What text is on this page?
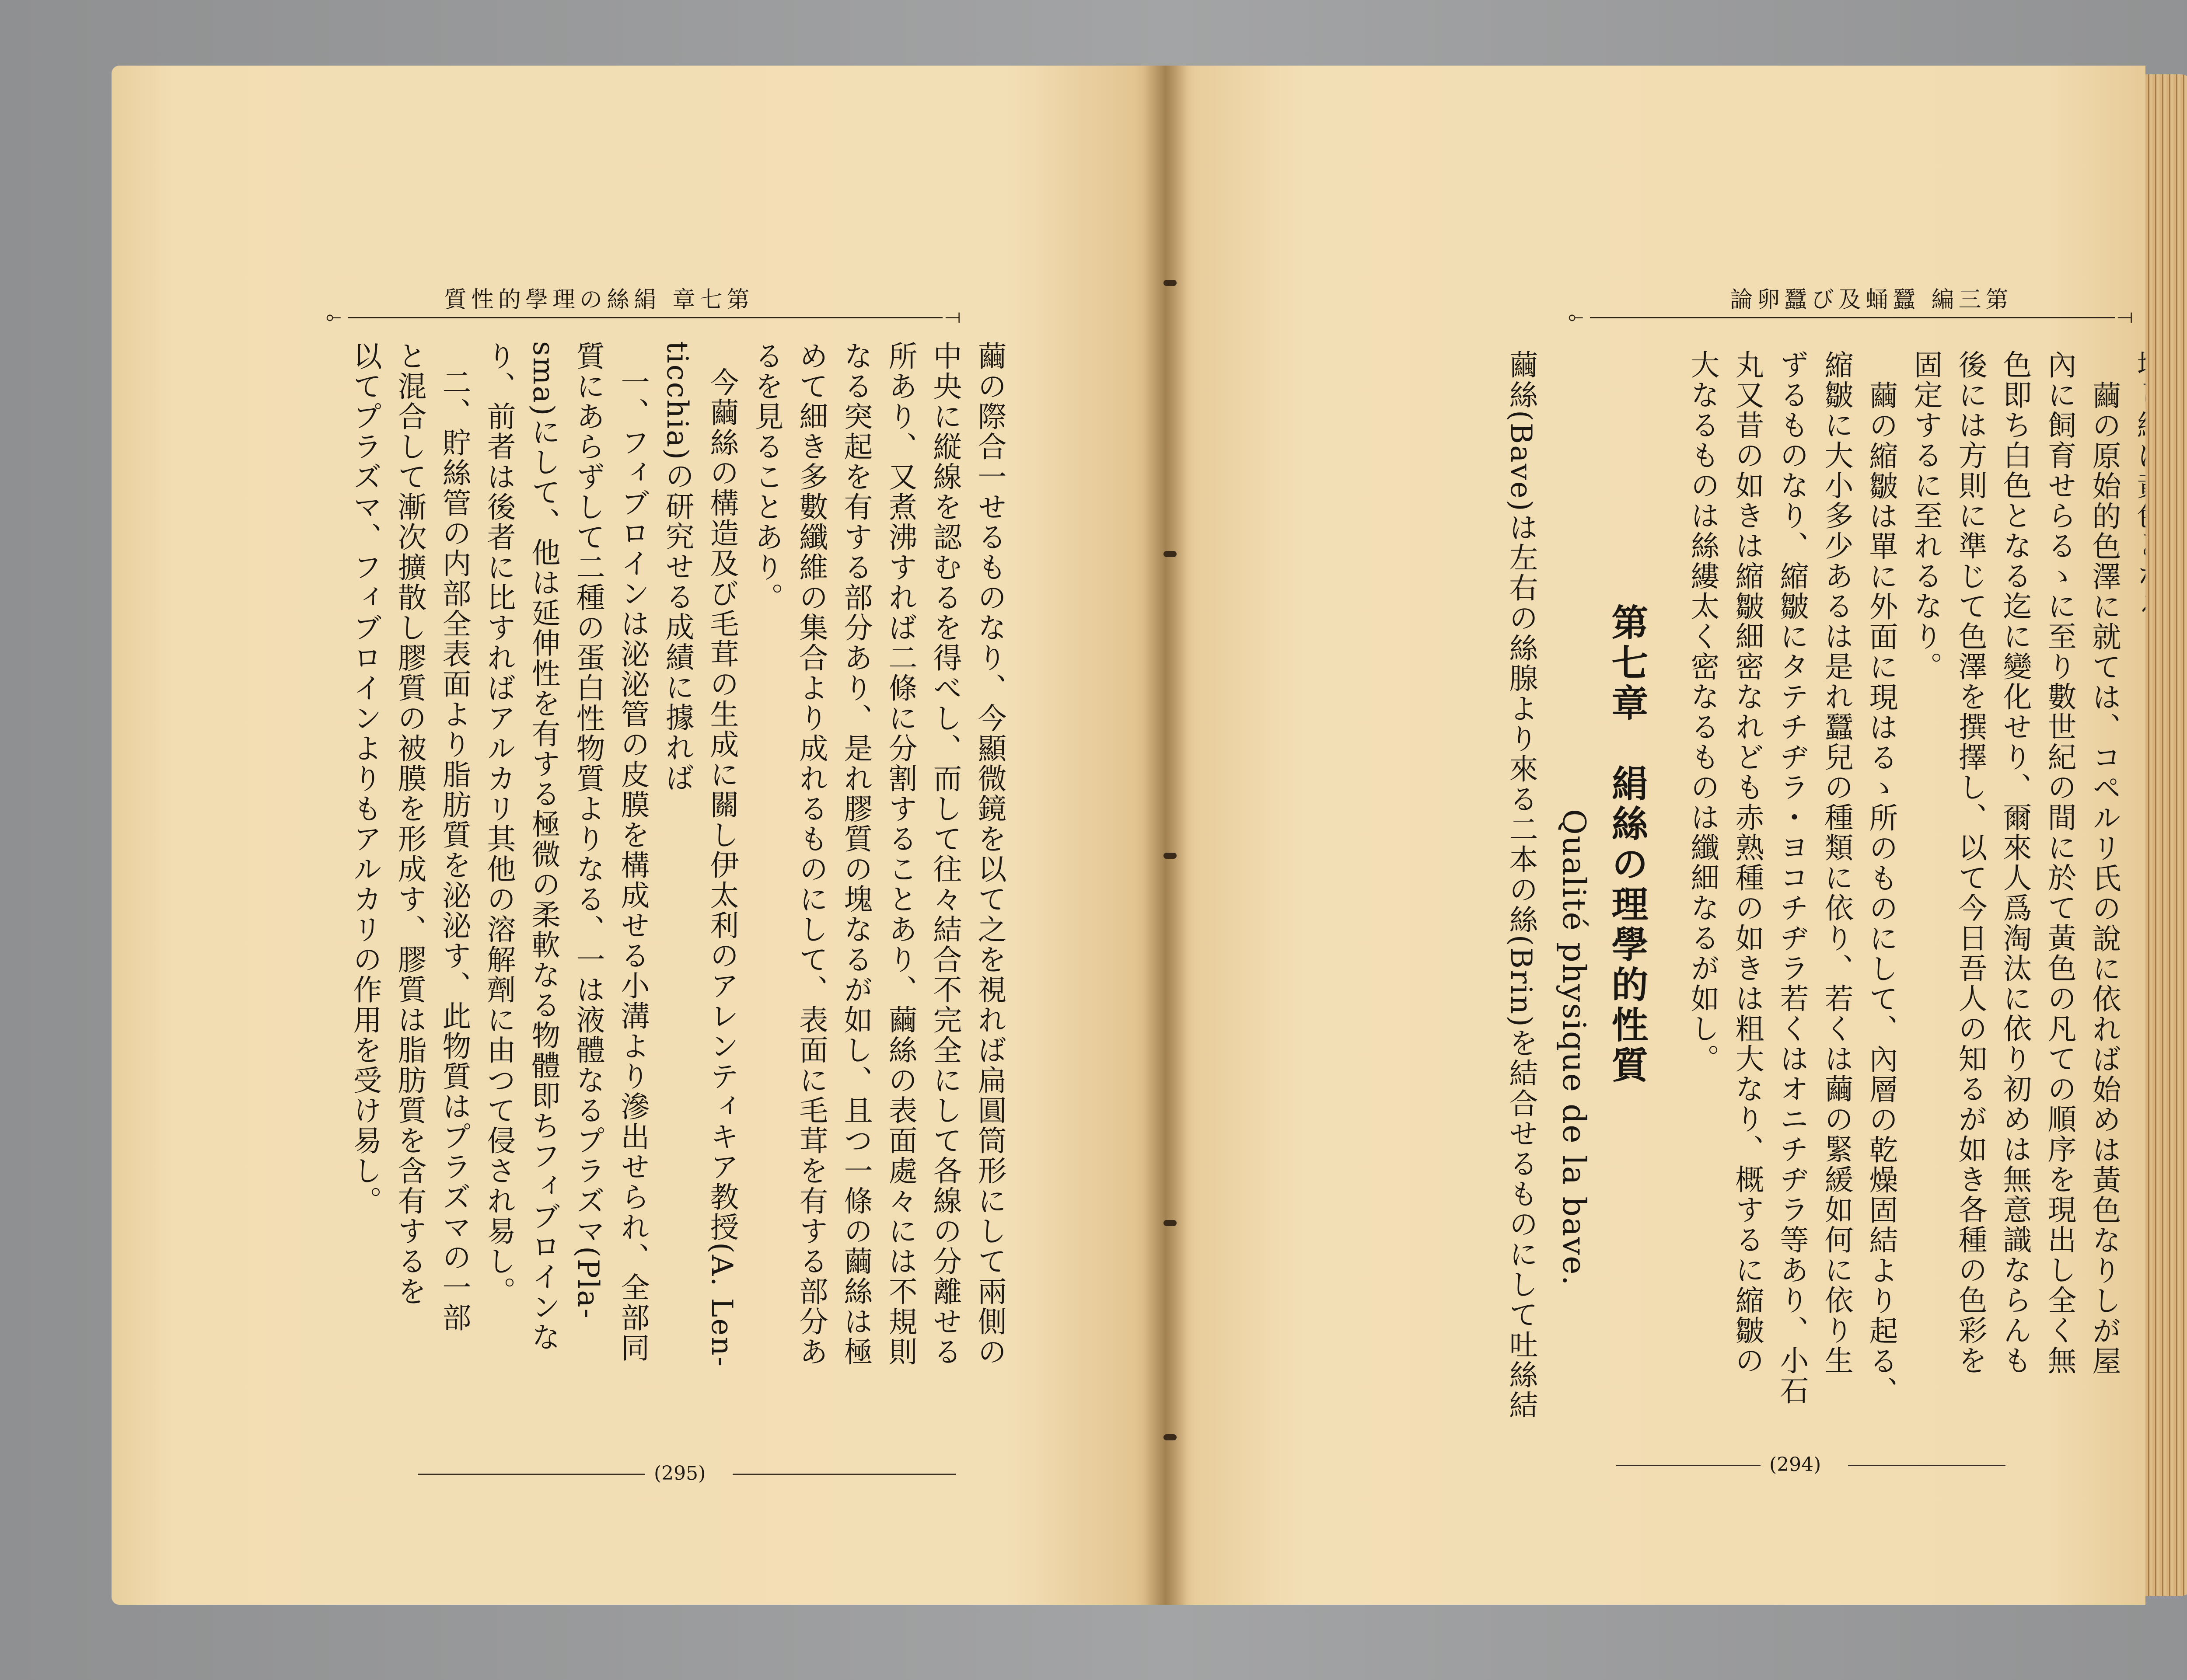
⟜	⟞
第七章 絹絲の理學的性質
繭の際合一せるものなり、今顯微鏡を以て之を視れば扁圓筒形にして兩側の
中央に縦線を認むるを得べし、而して往々結合不完全にして各線の分離せる
所あり、又煮沸すれば二條に分割することあり、繭絲の表面處々には不規則
なる突起を有する部分あり、是れ膠質の塊なるが如し、且つ一條の繭絲は極
めて細き多數纖維の集合より成れるものにして、表面に毛茸を有する部分あ
るを見ることあり。
今繭絲の構造及び毛茸の生成に關し伊太利のアレンティキア教授(A. Len-
ticchia)の研究せる成績に據れば
一、フィブロインは泌泌管の皮膜を構成せる小溝より滲出せられ、全部同
質にあらずして二種の蛋白性物質よりなる、一は液體なるプラズマ(Pla-
sma)にして、他は延伸性を有する極微の柔軟なる物體即ちフィブロインな
り、前者は後者に比すればアルカリ其他の溶解劑に由つて侵され易し。
二、貯絲管の内部全表面より脂肪質を泌泌す、此物質はプラズマの一部
と混合して漸次擴散し膠質の被膜を形成す、膠質は脂肪質を含有するを
以てプラズマ、フィブロインよりもアルカリの作用を受け易し。
(295)
⟜	⟞
第三編 蠶蛹及び蠶卵論
繭の原始的色澤に就ては、コペルリ氏の說に依れば始めは黃色なりしが屋
內に飼育せらるゝに至り數世紀の間に於て黃色の凡ての順序を現出し全く無
色即ち白色となる迄に變化せり、爾來人爲淘汰に依り初めは無意識ならんも
後には方則に準じて色澤を撰擇し、以て今日吾人の知るが如き各種の色彩を
固定するに至れるなり。
繭の縮皺は單に外面に現はるゝ所のものにして、內層の乾燥固結より起る、
縮皺に大小多少あるは是れ蠶兒の種類に依り、若くは繭の緊緩如何に依り生
ずるものなり、縮皺にタテチヂラ・ヨコチヂラ若くはオニチヂラ等あり、小石
丸又昔の如きは縮皺細密なれども赤熟種の如きは粗大なり、概するに縮皺の
大なるものは絲縷太く密なるものは纖細なるが如し。
第七章　絹絲の理學的性質
Qualité physique de la bave.
繭絲(Bave)は左右の絲腺より來る二本の絲(Brin)を結合せるものにして吐絲結
(294)
